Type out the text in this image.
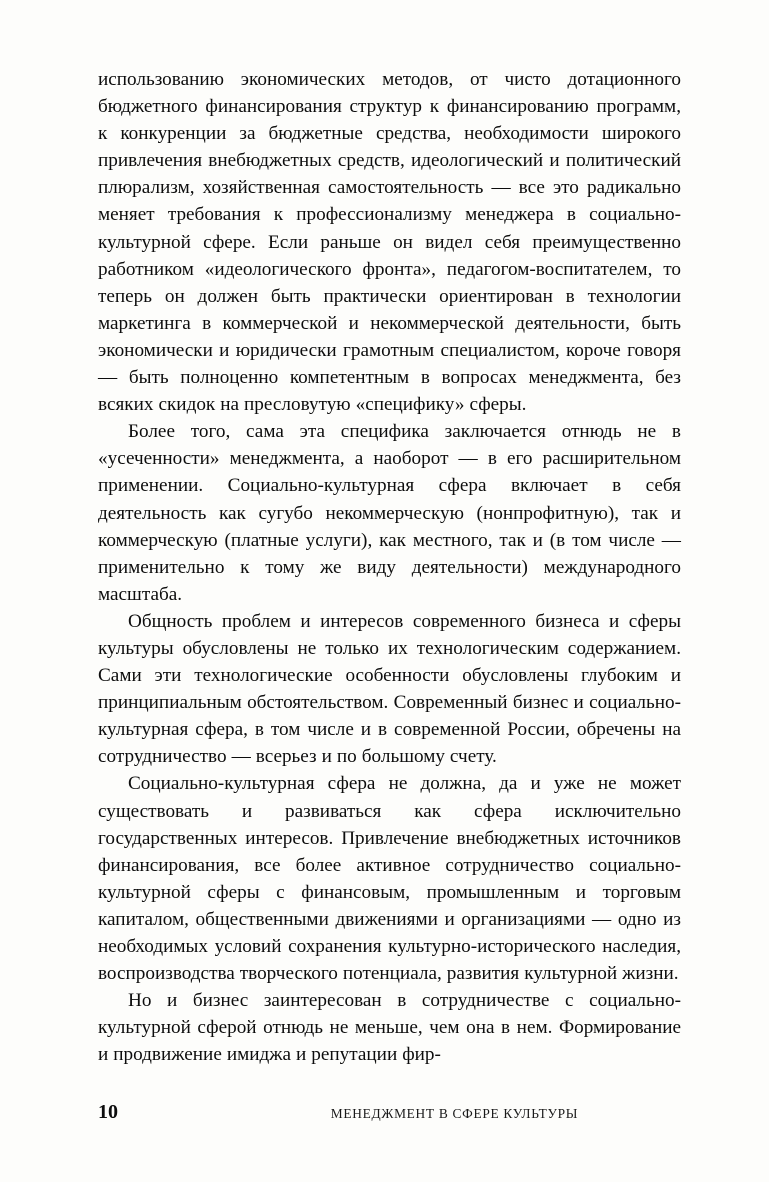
использованию экономических методов, от чисто дотационного бюджетного финансирования структур к финансированию программ, к конкуренции за бюджетные средства, необходимости широкого привлечения внебюджетных средств, идеологический и политический плюрализм, хозяйственная самостоятельность — все это радикально меняет требования к профессионализму менеджера в социально-культурной сфере. Если раньше он видел себя преимущественно работником «идеологического фронта», педагогом-воспитателем, то теперь он должен быть практически ориентирован в технологии маркетинга в коммерческой и некоммерческой деятельности, быть экономически и юридически грамотным специалистом, короче говоря — быть полноценно компетентным в вопросах менеджмента, без всяких скидок на пресловутую «специфику» сферы.

Более того, сама эта специфика заключается отнюдь не в «усеченности» менеджмента, а наоборот — в его расширительном применении. Социально-культурная сфера включает в себя деятельность как сугубо некоммерческую (нонпрофитную), так и коммерческую (платные услуги), как местного, так и (в том числе — применительно к тому же виду деятельности) международного масштаба.

Общность проблем и интересов современного бизнеса и сферы культуры обусловлены не только их технологическим содержанием. Сами эти технологические особенности обусловлены глубоким и принципиальным обстоятельством. Современный бизнес и социально-культурная сфера, в том числе и в современной России, обречены на сотрудничество — всерьез и по большому счету.

Социально-культурная сфера не должна, да и уже не может существовать и развиваться как сфера исключительно государственных интересов. Привлечение внебюджетных источников финансирования, все более активное сотрудничество социально-культурной сферы с финансовым, промышленным и торговым капиталом, общественными движениями и организациями — одно из необходимых условий сохранения культурно-исторического наследия, воспроизводства творческого потенциала, развития культурной жизни.

Но и бизнес заинтересован в сотрудничестве с социально-культурной сферой отнюдь не меньше, чем она в нем. Формирование и продвижение имиджа и репутации фир-

10	МЕНЕДЖМЕНТ В СФЕРЕ КУЛЬТУРЫ
